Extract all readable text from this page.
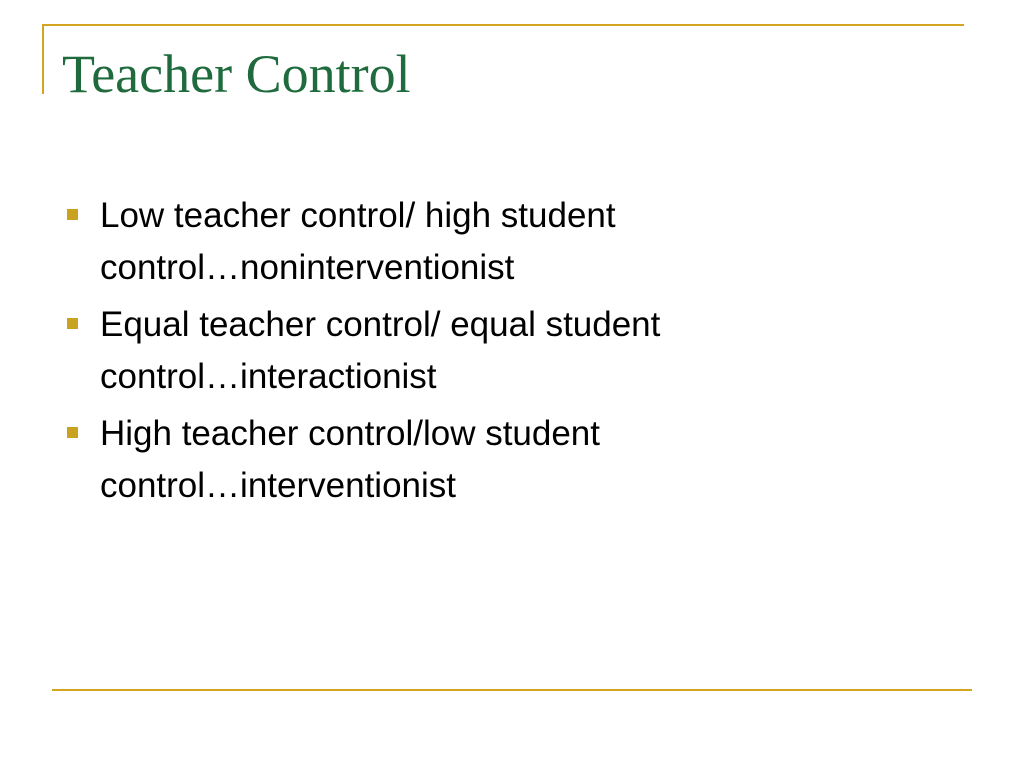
Teacher Control
Low teacher control/ high student
control…noninterventionist
Equal teacher control/ equal student
control…interactionist
High teacher control/low student
control…interventionist
